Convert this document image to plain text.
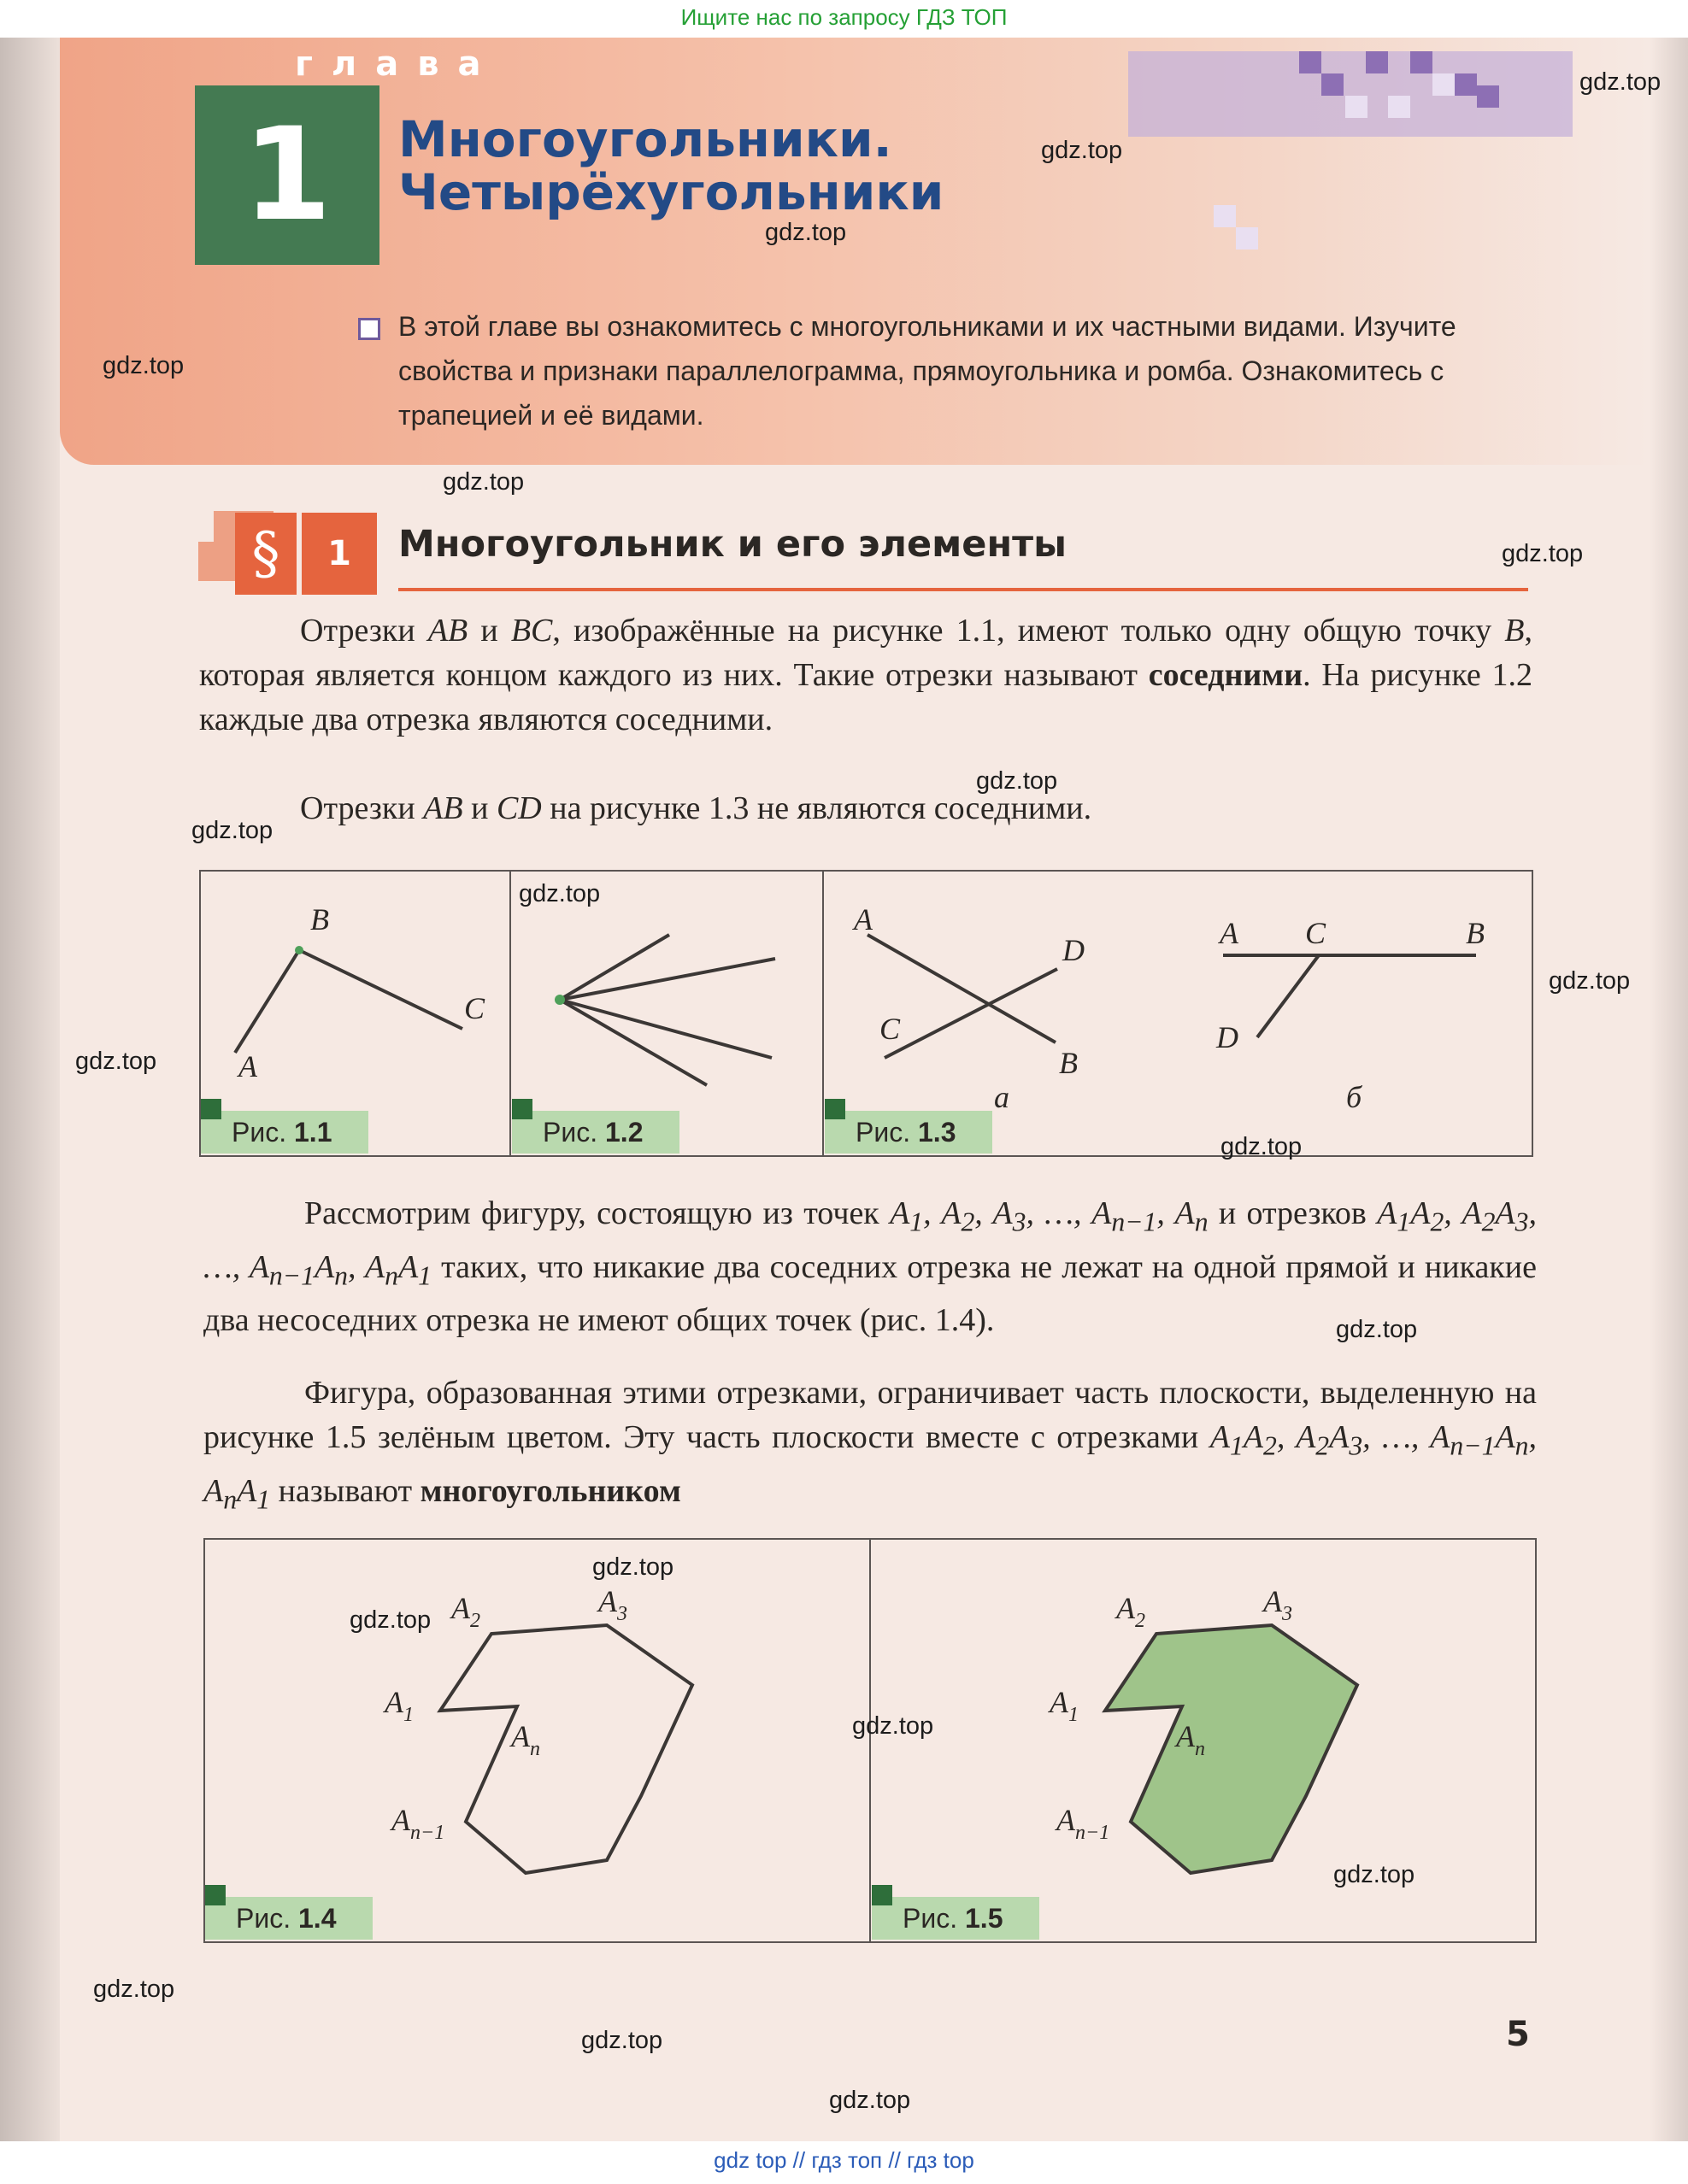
Ищите нас по запросу ГДЗ ТОП
gdz top // гдз топ // гдз top
глава
1	Многоугольники.
Четырёхугольники
В этой главе вы ознакомитесь с многоугольниками и их частными видами. Изучите свойства и признаки параллелограмма, прямоугольника и ромба. Ознакомитесь с трапецией и её видами.
§	1	Многоугольник и его элементы
Отрезки AB и BC, изображённые на рисунке 1.1, имеют только одну общую точку B, которая является концом каждого из них. Такие отрезки называют соседними. На рисунке 1.2 каждые два отрезка являются соседними.
Отрезки AB и CD на рисунке 1.3 не являются соседними.
B
A
C
A
D
C
B
а
A C	B
D
б
Рис. 1.1	Рис. 1.2	Рис. 1.3
Рассмотрим фигуру, состоящую из точек $A_1$, $A_2$, $A_3$, …, $A_{n-1}$, $A_n$ и отрезков $A_1A_2$, $A_2A_3$, …, $A_{n-1}A_n$, $A_nA_1$ таких, что никакие два соседних отрезка не лежат на одной прямой и никакие два несоседних отрезка не имеют общих точек (рис. 1.4).
Фигура, образованная этими отрезками, ограничивает часть плоскости, выделенную на рисунке 1.5 зелёным цветом. Эту часть плоскости вместе с отрезками $A_1A_2$, $A_2A_3$, …, $A_{n-1}A_n$, $A_nA_1$ называют многоугольником
$A_1$
$A_2$
$A_3$
$A_n$
$A_{n-1}$
$A_1$
$A_2$
$A_3$
$A_n$
$A_{n-1}$
Рис. 1.4	Рис. 1.5
5
gdz.top
gdz.top
gdz.top
gdz.top
gdz.top
gdz.top
gdz.top
gdz.top
gdz.top
gdz.top
gdz.top
gdz.top
gdz.top
gdz.top
gdz.top
gdz.top
gdz.top
gdz.top
gdz.top
gdz.top
